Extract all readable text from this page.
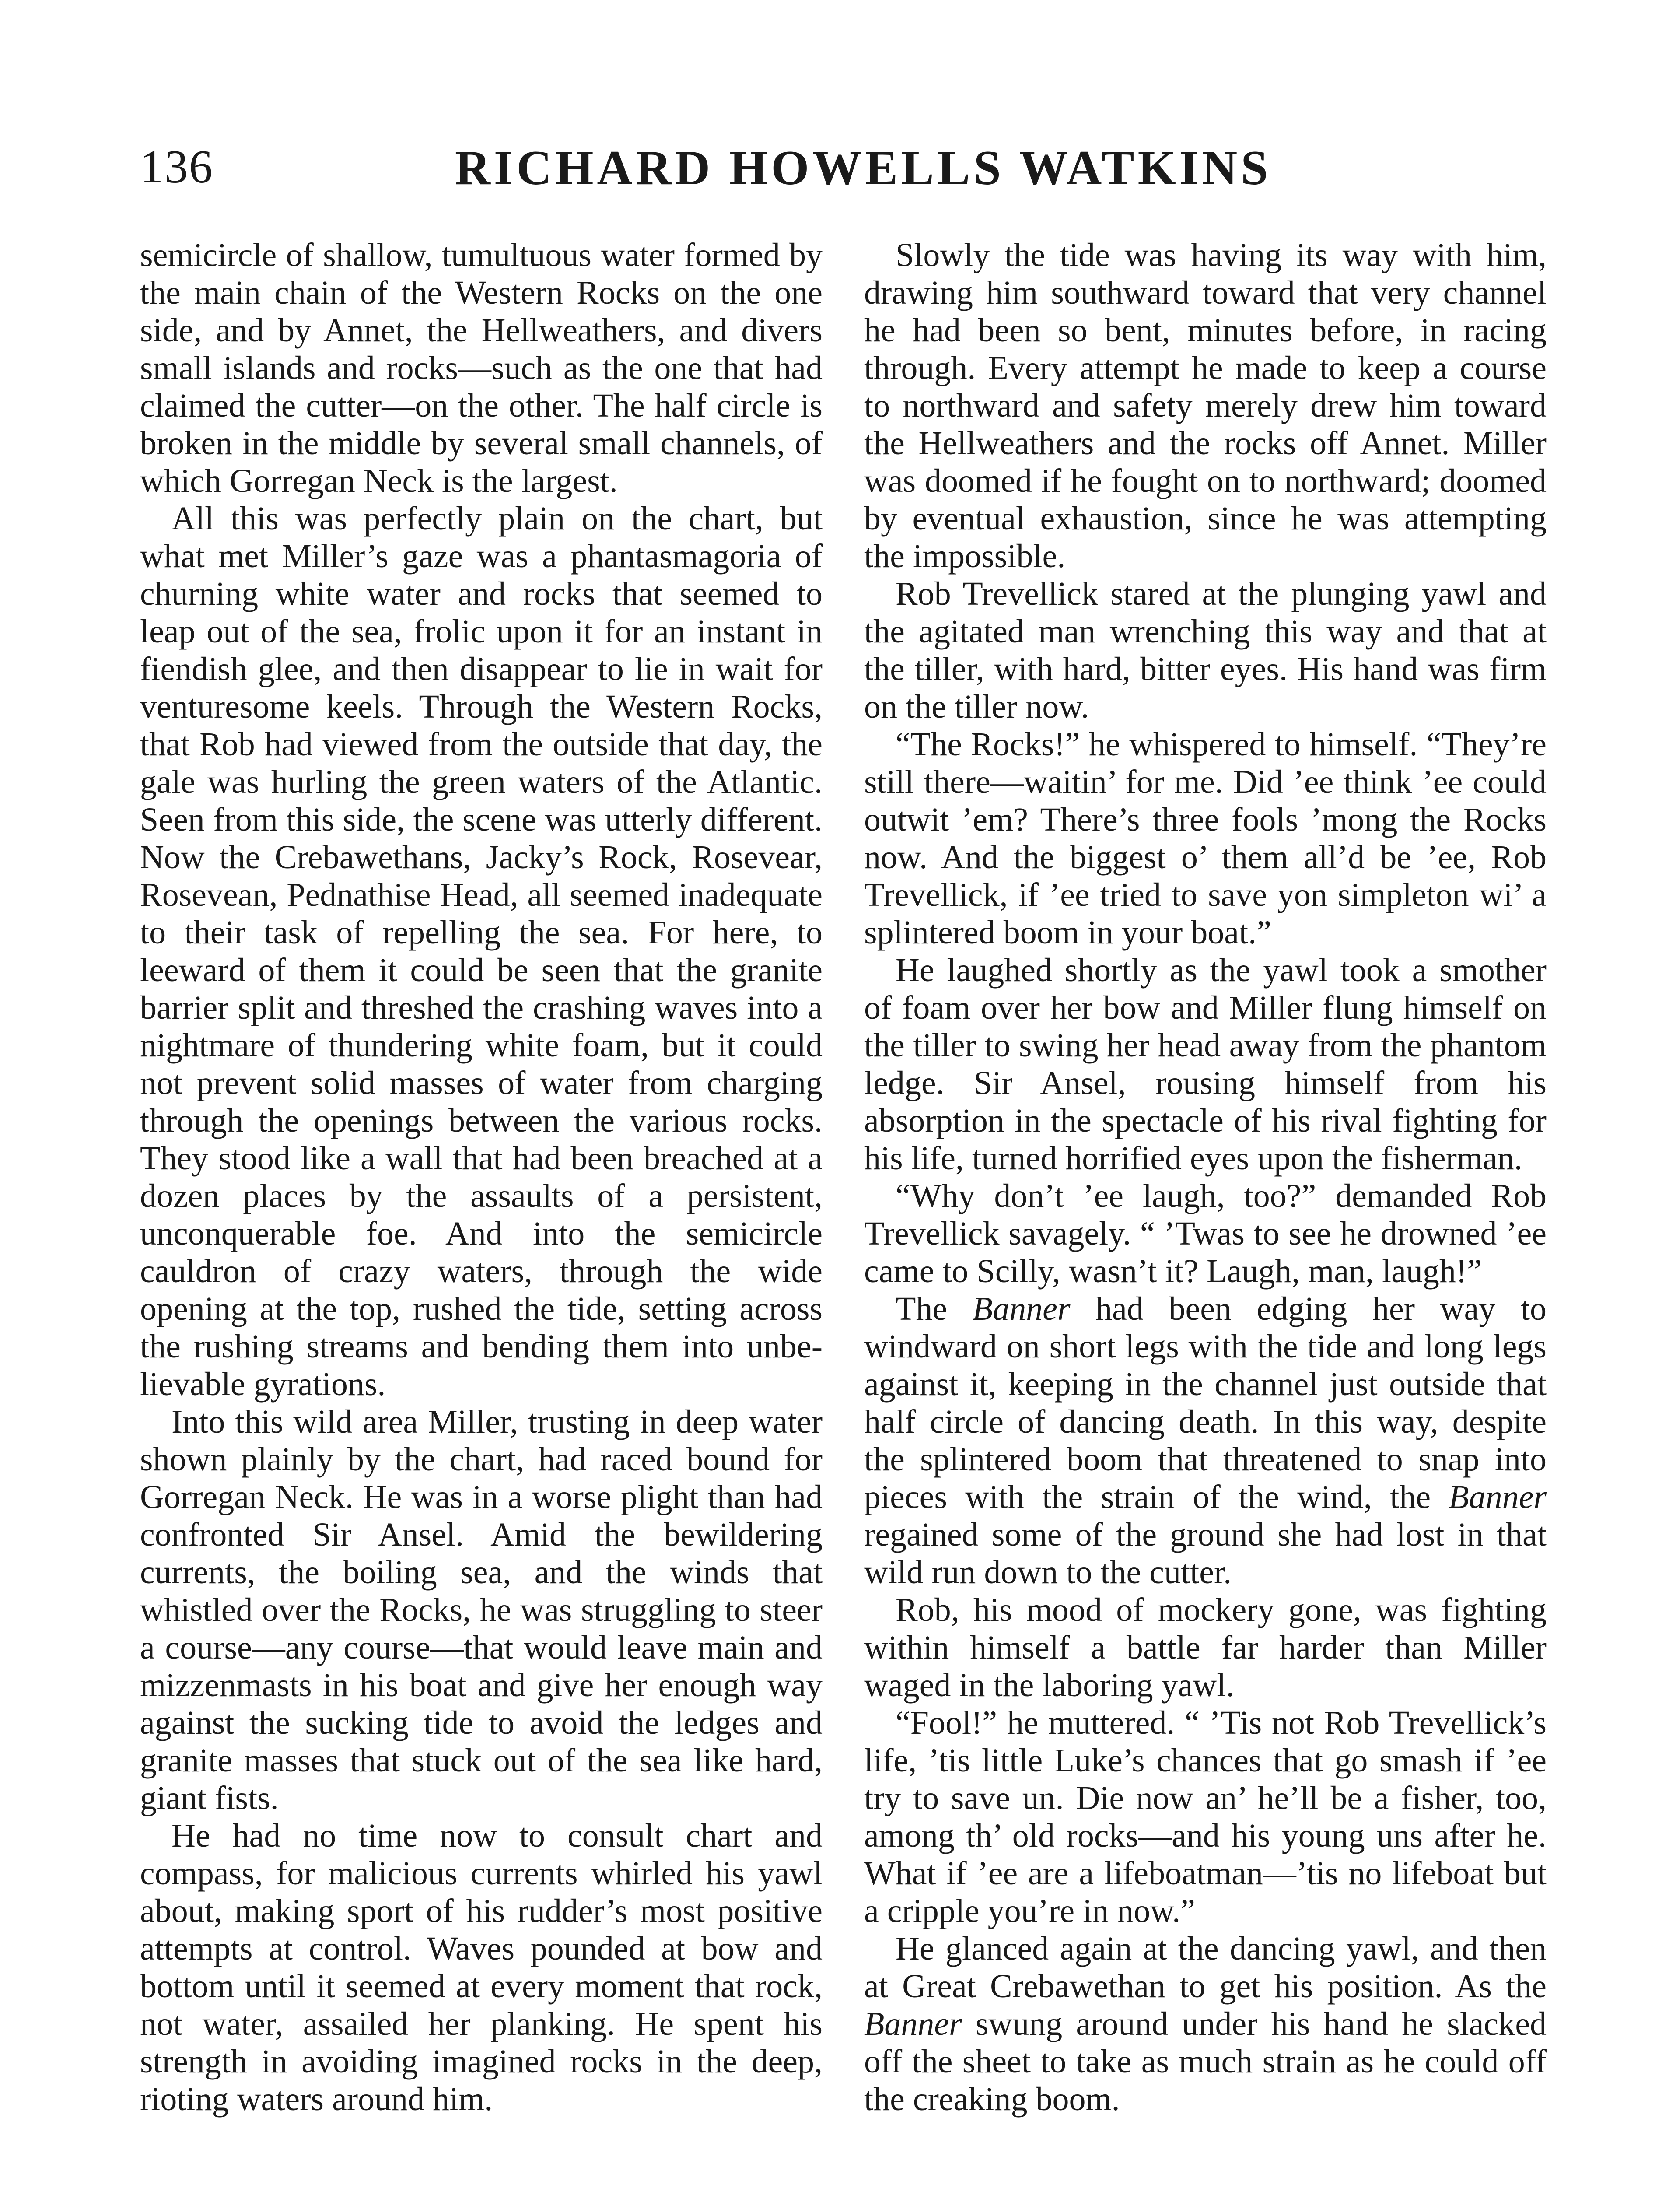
136	RICHARD HOWELLS WATKINS

semicircle of shallow, tumultuous water formed by the main chain of the Western Rocks on the one side, and by Annet, the Hellweathers, and divers small islands and rocks—such as the one that had claimed the cutter—on the other. The half circle is broken in the middle by several small channels, of which Gorregan Neck is the largest.

All this was perfectly plain on the chart, but what met Miller’s gaze was a phantasmagoria of churning white water and rocks that seemed to leap out of the sea, frolic upon it for an instant in fiendish glee, and then disappear to lie in wait for venturesome keels. Through the Western Rocks, that Rob had viewed from the outside that day, the gale was hurling the green waters of the Atlantic. Seen from this side, the scene was utterly different. Now the Crebawethans, Jacky’s Rock, Rosevear, Rosevean, Pednathise Head, all seemed inadequate to their task of repelling the sea. For here, to leeward of them it could be seen that the granite barrier split and threshed the crashing waves into a nightmare of thundering white foam, but it could not prevent solid masses of water from charging through the openings between the various rocks. They stood like a wall that had been breached at a dozen places by the assaults of a persistent, unconquerable foe. And into the semicircle cauldron of crazy waters, through the wide opening at the top, rushed the tide, setting across the rushing streams and bending them into unbelievable gyrations.

Into this wild area Miller, trusting in deep water shown plainly by the chart, had raced bound for Gorregan Neck. He was in a worse plight than had confronted Sir Ansel. Amid the bewildering currents, the boiling sea, and the winds that whistled over the Rocks, he was struggling to steer a course—any course—that would leave main and mizzenmasts in his boat and give her enough way against the sucking tide to avoid the ledges and granite masses that stuck out of the sea like hard, giant fists.

He had no time now to consult chart and compass, for malicious currents whirled his yawl about, making sport of his rudder’s most positive attempts at control. Waves pounded at bow and bottom until it seemed at every moment that rock, not water, assailed her planking. He spent his strength in avoiding imagined rocks in the deep, rioting waters around him.

Slowly the tide was having its way with him, drawing him southward toward that very channel he had been so bent, minutes before, in racing through. Every attempt he made to keep a course to northward and safety merely drew him toward the Hellweathers and the rocks off Annet. Miller was doomed if he fought on to northward; doomed by eventual exhaustion, since he was attempting the impossible.

Rob Trevellick stared at the plunging yawl and the agitated man wrenching this way and that at the tiller, with hard, bitter eyes. His hand was firm on the tiller now.

“The Rocks!” he whispered to himself. “They’re still there—waitin’ for me. Did ’ee think ’ee could outwit ’em? There’s three fools ’mong the Rocks now. And the biggest o’ them all’d be ’ee, Rob Trevellick, if ’ee tried to save yon simpleton wi’ a splintered boom in your boat.”

He laughed shortly as the yawl took a smother of foam over her bow and Miller flung himself on the tiller to swing her head away from the phantom ledge. Sir Ansel, rousing himself from his absorption in the spectacle of his rival fighting for his life, turned horrified eyes upon the fisherman.

“Why don’t ’ee laugh, too?” demanded Rob Trevellick savagely. “ ’Twas to see he drowned ’ee came to Scilly, wasn’t it? Laugh, man, laugh!”

The Banner had been edging her way to windward on short legs with the tide and long legs against it, keeping in the channel just outside that half circle of dancing death. In this way, despite the splintered boom that threatened to snap into pieces with the strain of the wind, the Banner regained some of the ground she had lost in that wild run down to the cutter.

Rob, his mood of mockery gone, was fighting within himself a battle far harder than Miller waged in the laboring yawl.

“Fool!” he muttered. “ ’Tis not Rob Trevellick’s life, ’tis little Luke’s chances that go smash if ’ee try to save un. Die now an’ he’ll be a fisher, too, among th’ old rocks—and his young uns after he. What if ’ee are a lifeboatman—’tis no lifeboat but a cripple you’re in now.”

He glanced again at the dancing yawl, and then at Great Crebawethan to get his position. As the Banner swung around under his hand he slacked off the sheet to take as much strain as he could off the creaking boom.
